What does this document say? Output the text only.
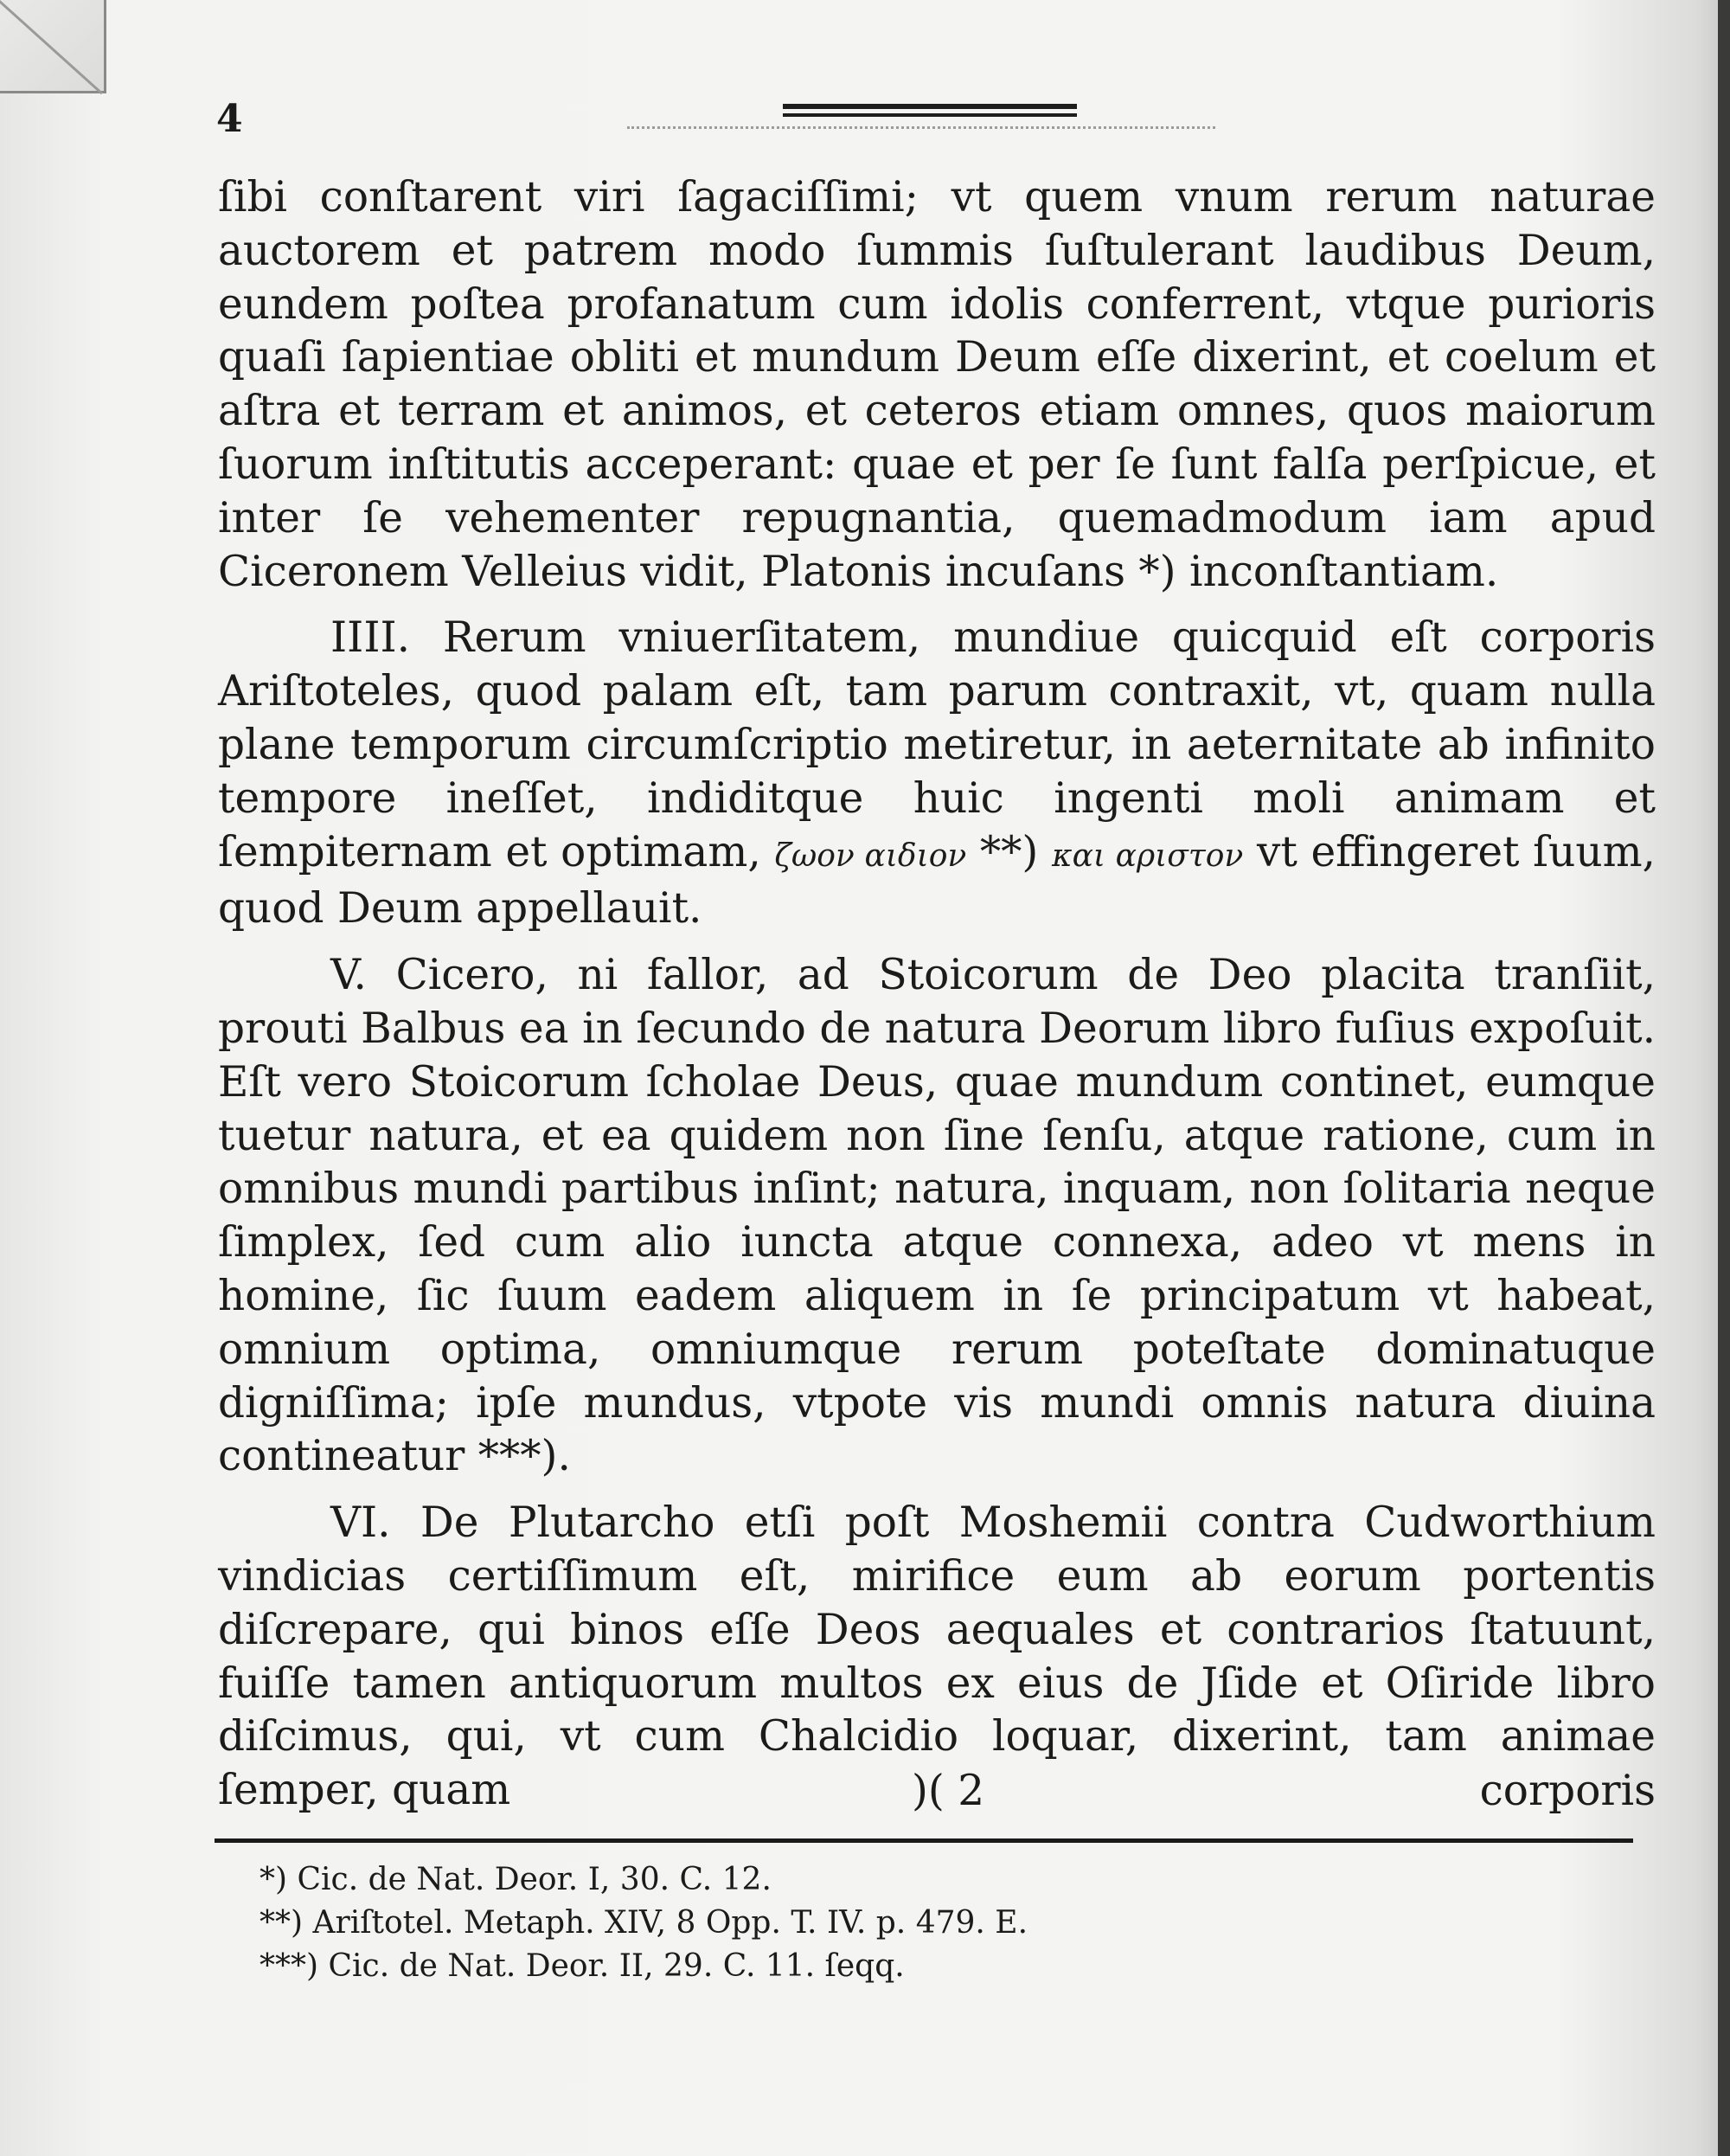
4

ſibi conſtarent viri ſagaciſſimi; vt quem vnum rerum naturae auctorem et patrem modo ſummis ſuſtulerant laudibus Deum, eundem poſtea profanatum cum idolis conferrent, vtque purioris quaſi ſapientiae obliti et mundum Deum eſſe dixerint, et coelum et aſtra et terram et animos, et ceteros etiam omnes, quos maiorum ſuorum inſtitutis acceperant: quae et per ſe ſunt falſa perſpicue, et inter ſe vehementer repugnantia, quemadmodum iam apud Ciceronem Velleius vidit, Platonis incuſans *) inconſtantiam.

IIII. Rerum vniuerſitatem, mundiue quicquid eſt corporis Ariſtoteles, quod palam eſt, tam parum contraxit, vt, quam nulla plane temporum circumſcriptio metiretur, in aeternitate ab infinito tempore ineſſet, indiditque huic ingenti moli animam et ſempiternam et optimam, ζωον αιδιον **) και αριστον vt effingeret ſuum, quod Deum appellauit.

V. Cicero, ni fallor, ad Stoicorum de Deo placita tranſiit, prouti Balbus ea in ſecundo de natura Deorum libro fuſius expoſuit. Eſt vero Stoicorum ſcholae Deus, quae mundum continet, eumque tuetur natura, et ea quidem non ſine ſenſu, atque ratione, cum in omnibus mundi partibus inſint; natura, inquam, non ſolitaria neque ſimplex, ſed cum alio iuncta atque connexa, adeo vt mens in homine, ſic ſuum eadem aliquem in ſe principatum vt habeat, omnium optima, omniumque rerum poteſtate dominatuque digniſſima; ipſe mundus, vtpote vis mundi omnis natura diuina contineatur ***).

VI. De Plutarcho etſi poſt Moshemii contra Cudworthium vindicias certiſſimum eſt, mirifice eum ab eorum portentis diſcrepare, qui binos eſſe Deos aequales et contrarios ſtatuunt, fuiſſe tamen antiquorum multos ex eius de Jſide et Oſiride libro diſcimus, qui, vt cum Chalcidio loquar, dixerint, tam animae ſemper, quam	)( 2	corporis
*) Cic. de Nat. Deor. I, 30. C. 12.
**) Ariſtotel. Metaph. XIV, 8 Opp. T. IV. p. 479. E.
***) Cic. de Nat. Deor. II, 29. C. 11. ſeqq.
